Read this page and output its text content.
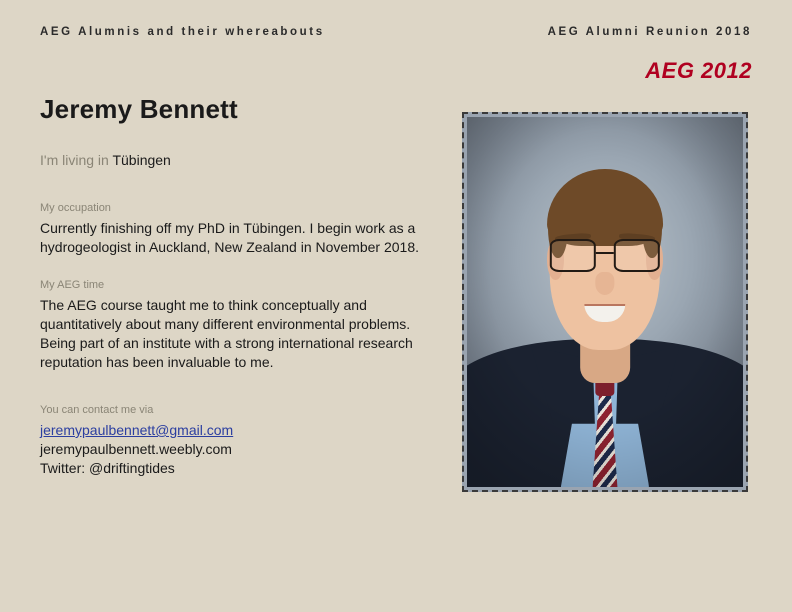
AEG Alumnis and their whereabouts	AEG Alumni Reunion 2018
AEG 2012
Jeremy Bennett
I'm living in Tübingen
My occupation
Currently finishing off my PhD in Tübingen. I begin work as a hydrogeologist in Auckland, New Zealand in November 2018.
My AEG time
The AEG course taught me to think conceptually and quantitatively about many different environmental problems. Being part of an institute with a strong international research reputation has been invaluable to me.
You can contact me via
jeremypaulbennett@gmail.com
jeremypaulbennett.weebly.com
Twitter: @driftingtides
